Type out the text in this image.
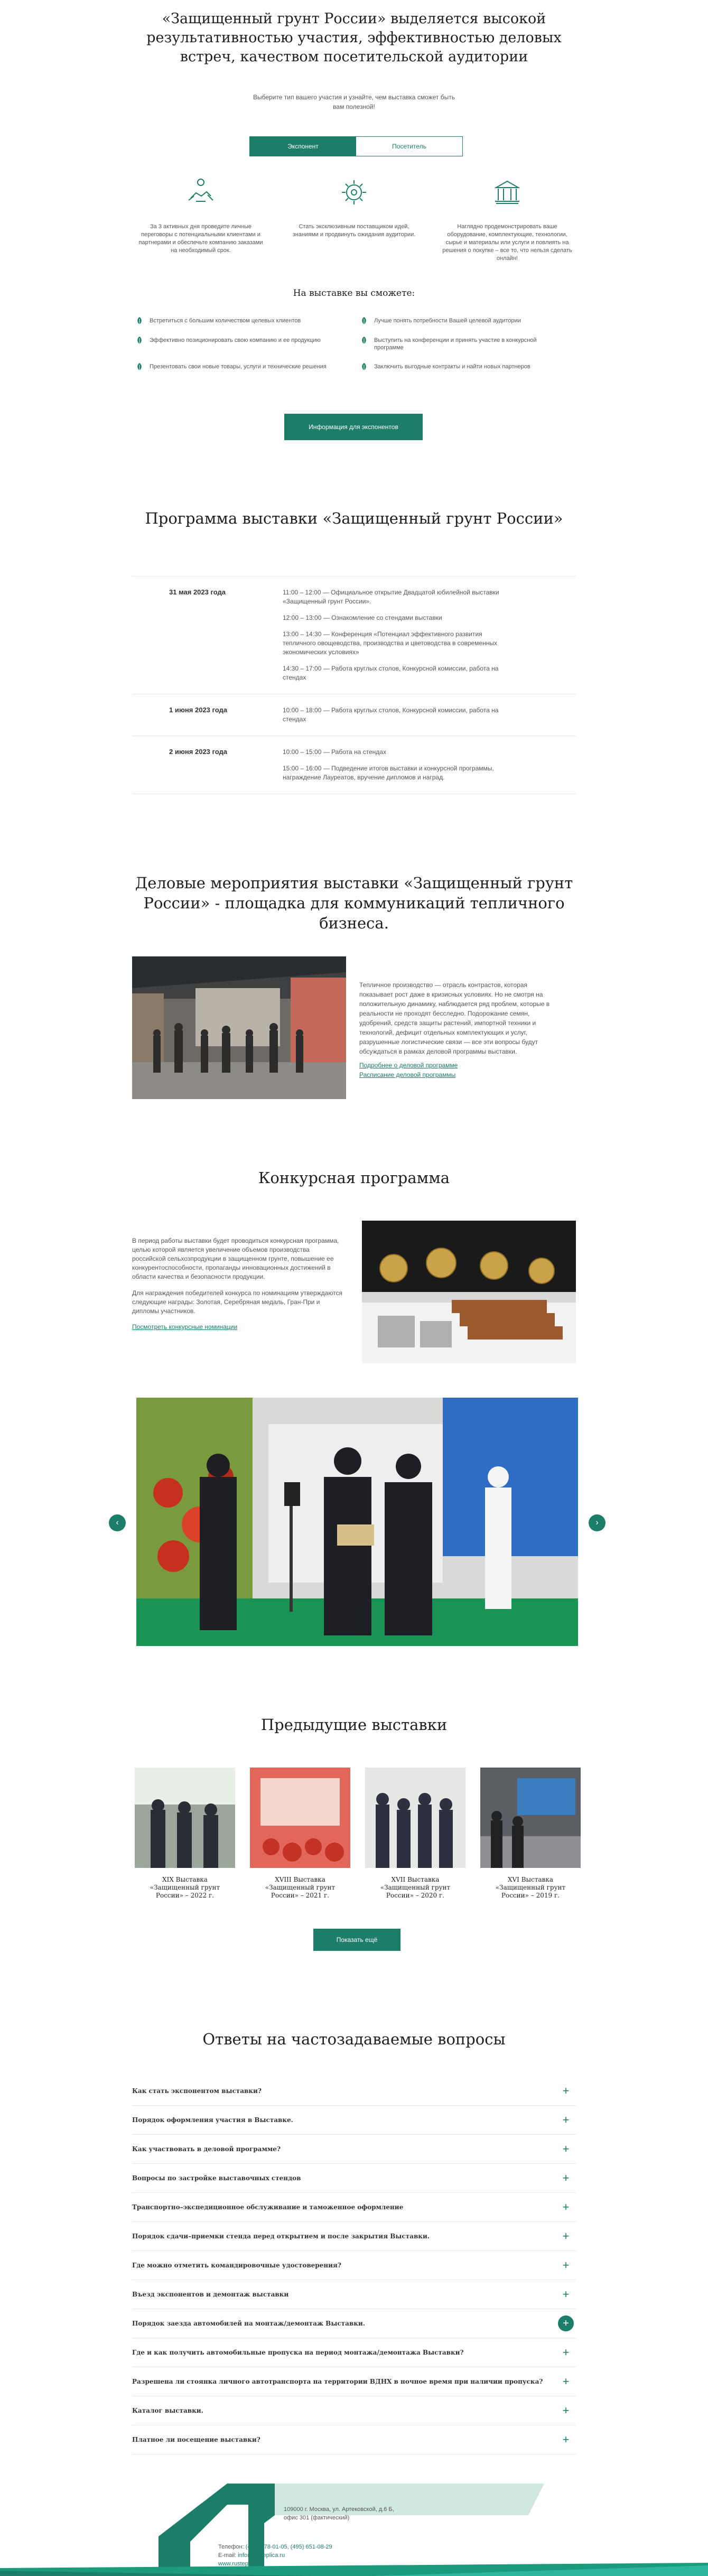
«Защищенный грунт России» выделяется высокой результативностью участия, эффективностью деловых встреч, качеством посетительской аудитории

Выберите тип вашего участия и узнайте, чем выставка сможет быть вам полезной!

Экспонент	Посетитель

За 3 активных дня проведите личные переговоры с потенциальными клиентами и партнерами и обеспечьте компанию заказами на необходимый срок.

Стать эксклюзивным поставщиком идей, знаниями и продвинуть ожидания аудитории.

Наглядно продемонстрировать ваше оборудование, комплектующие, технологии, сырье и материалы или услуги и повлиять на решения о покупке – все то, что нельзя сделать онлайн!

На выставке вы сможете:
Встретиться с большим количеством целевых клиентов	Лучше понять потребности Вашей целевой аудитории
Эффективно позиционировать свою компанию и ее продукцию	Выступить на конференции и принять участие в конкурсной программе
Презентовать свои новые товары, услуги и технические решения	Заключить выгодные контракты и найти новых партнеров
Информация для экспонентов
Программа выставки «Защищенный грунт России»
31 мая 2023 года	11:00 – 12:00 — Официальное открытие Двадцатой юбилейной выставки «Защищенный грунт России».
12:00 – 13:00 — Ознакомление со стендами выставки
13:00 – 14:30 — Конференция «Потенциал эффективного развития тепличного овощеводства, производства и цветоводства в современных экономических условиях»
14:30 – 17:00 — Работа круглых столов, Конкурсной комиссии, работа на стендах
1 июня 2023 года	10:00 – 18:00 — Работа круглых столов, Конкурсной комиссии, работа на стендах
2 июня 2023 года	10:00 – 15:00 — Работа на стендах
15:00 – 16:00 — Подведение итогов выставки и конкурсной программы, награждение Лауреатов, вручение дипломов и наград.
Деловые мероприятия выставки «Защищенный грунт России» - площадка для коммуникаций тепличного бизнеса.

Тепличное производство — отрасль контрастов, которая показывает рост даже в кризисных условиях. Но не смотря на положительную динамику, наблюдается ряд проблем, которые в реальности не проходят бесследно. Подорожание семян, удобрений, средств защиты растений, импортной техники и технологий, дефицит отдельных комплектующих и услуг, разрушенные логистические связи — все эти вопросы будут обсуждаться в рамках деловой программы выставки.

Подробнее о деловой программе

Расписание деловой программы

Конкурсная программа

В период работы выставки будет проводиться конкурсная программа, целью которой является увеличение объемов производства российской сельхозпродукции в защищенном грунте, повышение ее конкурентоспособности, пропаганды инновационных достижений в области качества и безопасности продукции.

Для награждения победителей конкурса по номинациям утверждаются следующие награды: Золотая, Серебряная медаль, Гран-При и дипломы участников.

Посмотреть конкурсные номинации

‹	›
Предыдущие выставки

XIX Выставка «Защищенный грунт России» – 2022 г.

XVIII Выставка «Защищенный грунт России» – 2021 г.

XVII Выставка «Защищенный грунт России» – 2020 г.

XVI Выставка «Защищенный грунт России» – 2019 г.

Показать ещё
Ответы на частозадаваемые вопросы
Как стать экспонентом выставки?	+
Порядок оформления участия в Выставке.	+
Как участвовать в деловой программе?	+
Вопросы по застройке выставочных стендов	+
Транспортно–экспедиционное обслуживание и таможенное оформление	+
Порядок сдачи–приемки стенда перед открытием и после закрытия Выставки.	+
Где можно отметить командировочные удостоверения?	+
Въезд экспонентов и демонтаж выставки	+
Порядок заезда автомобилей на монтаж/демонтаж Выставки.	+
Где и как получить автомобильные пропуска на период монтажа/демонтажа Выставки?	+
Разрешена ли стоянка личного автотранспорта на территории ВДНХ в ночное время при наличии пропуска? +
Каталог выставки.	+
Платное ли посещение выставки?	+
109000 г. Москва, ул. Артековской, д.6 Б,
офис 301 (фактический)
Телефон: (499) 178-01-05, (495) 651-08-29
E-mail: info@rusteplica.ru
www.rusteplica.ru
